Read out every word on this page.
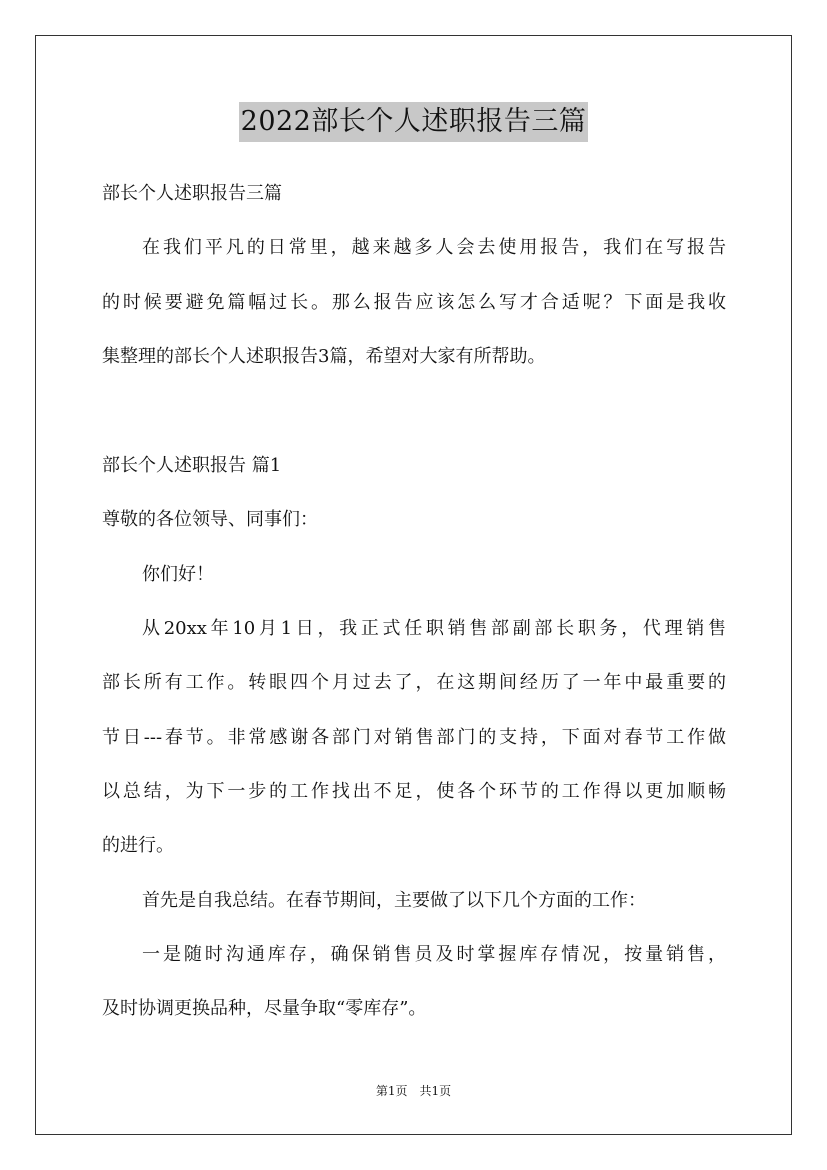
2022部长个人述职报告三篇
部长个人述职报告三篇
在我们平凡的日常里，越来越多人会去使用报告，我们在写报告
的时候要避免篇幅过长。那么报告应该怎么写才合适呢？下面是我收
集整理的部长个人述职报告3篇，希望对大家有所帮助。
部长个人述职报告 篇1
尊敬的各位领导、同事们：
你们好！
从20xx年10月1日，我正式任职销售部副部长职务，代理销售
部长所有工作。转眼四个月过去了，在这期间经历了一年中最重要的
节日---春节。非常感谢各部门对销售部门的支持，下面对春节工作做
以总结，为下一步的工作找出不足，使各个环节的工作得以更加顺畅
的进行。
首先是自我总结。在春节期间，主要做了以下几个方面的工作：
一是随时沟通库存，确保销售员及时掌握库存情况，按量销售，
及时协调更换品种，尽量争取“零库存”。
第1页　共1页
